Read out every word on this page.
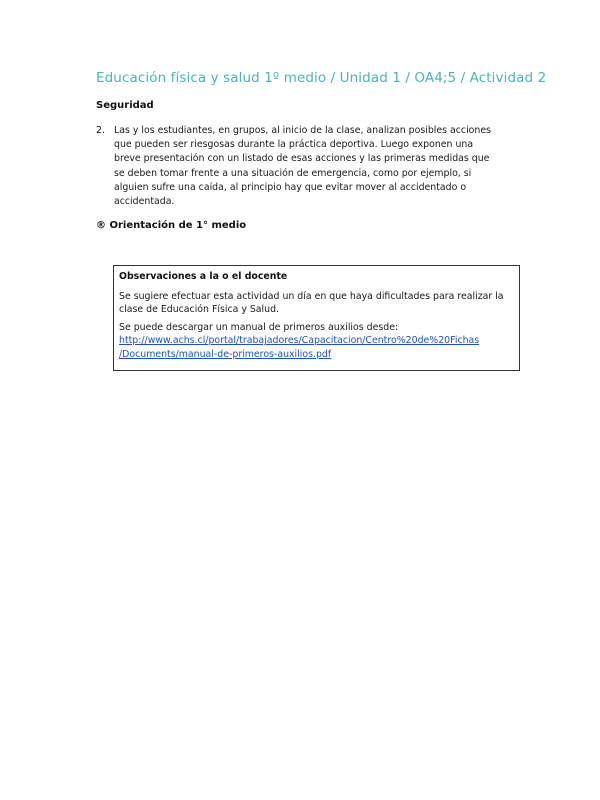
Educación física y salud 1º medio / Unidad 1 / OA4;5 / Actividad 2
Seguridad
2. Las y los estudiantes, en grupos, al inicio de la clase, analizan posibles acciones que pueden ser riesgosas durante la práctica deportiva. Luego exponen una breve presentación con un listado de esas acciones y las primeras medidas que se deben tomar frente a una situación de emergencia, como por ejemplo, si alguien sufre una caída, al principio hay que evitar mover al accidentado o accidentada.
® Orientación de 1° medio
Observaciones a la o el docente

Se sugiere efectuar esta actividad un día en que haya dificultades para realizar la clase de Educación Física y Salud.

Se puede descargar un manual de primeros auxilios desde:

http://www.achs.cl/portal/trabajadores/Capacitacion/Centro%20de%20Fichas
/Documents/manual-de-primeros-auxilios.pdf
